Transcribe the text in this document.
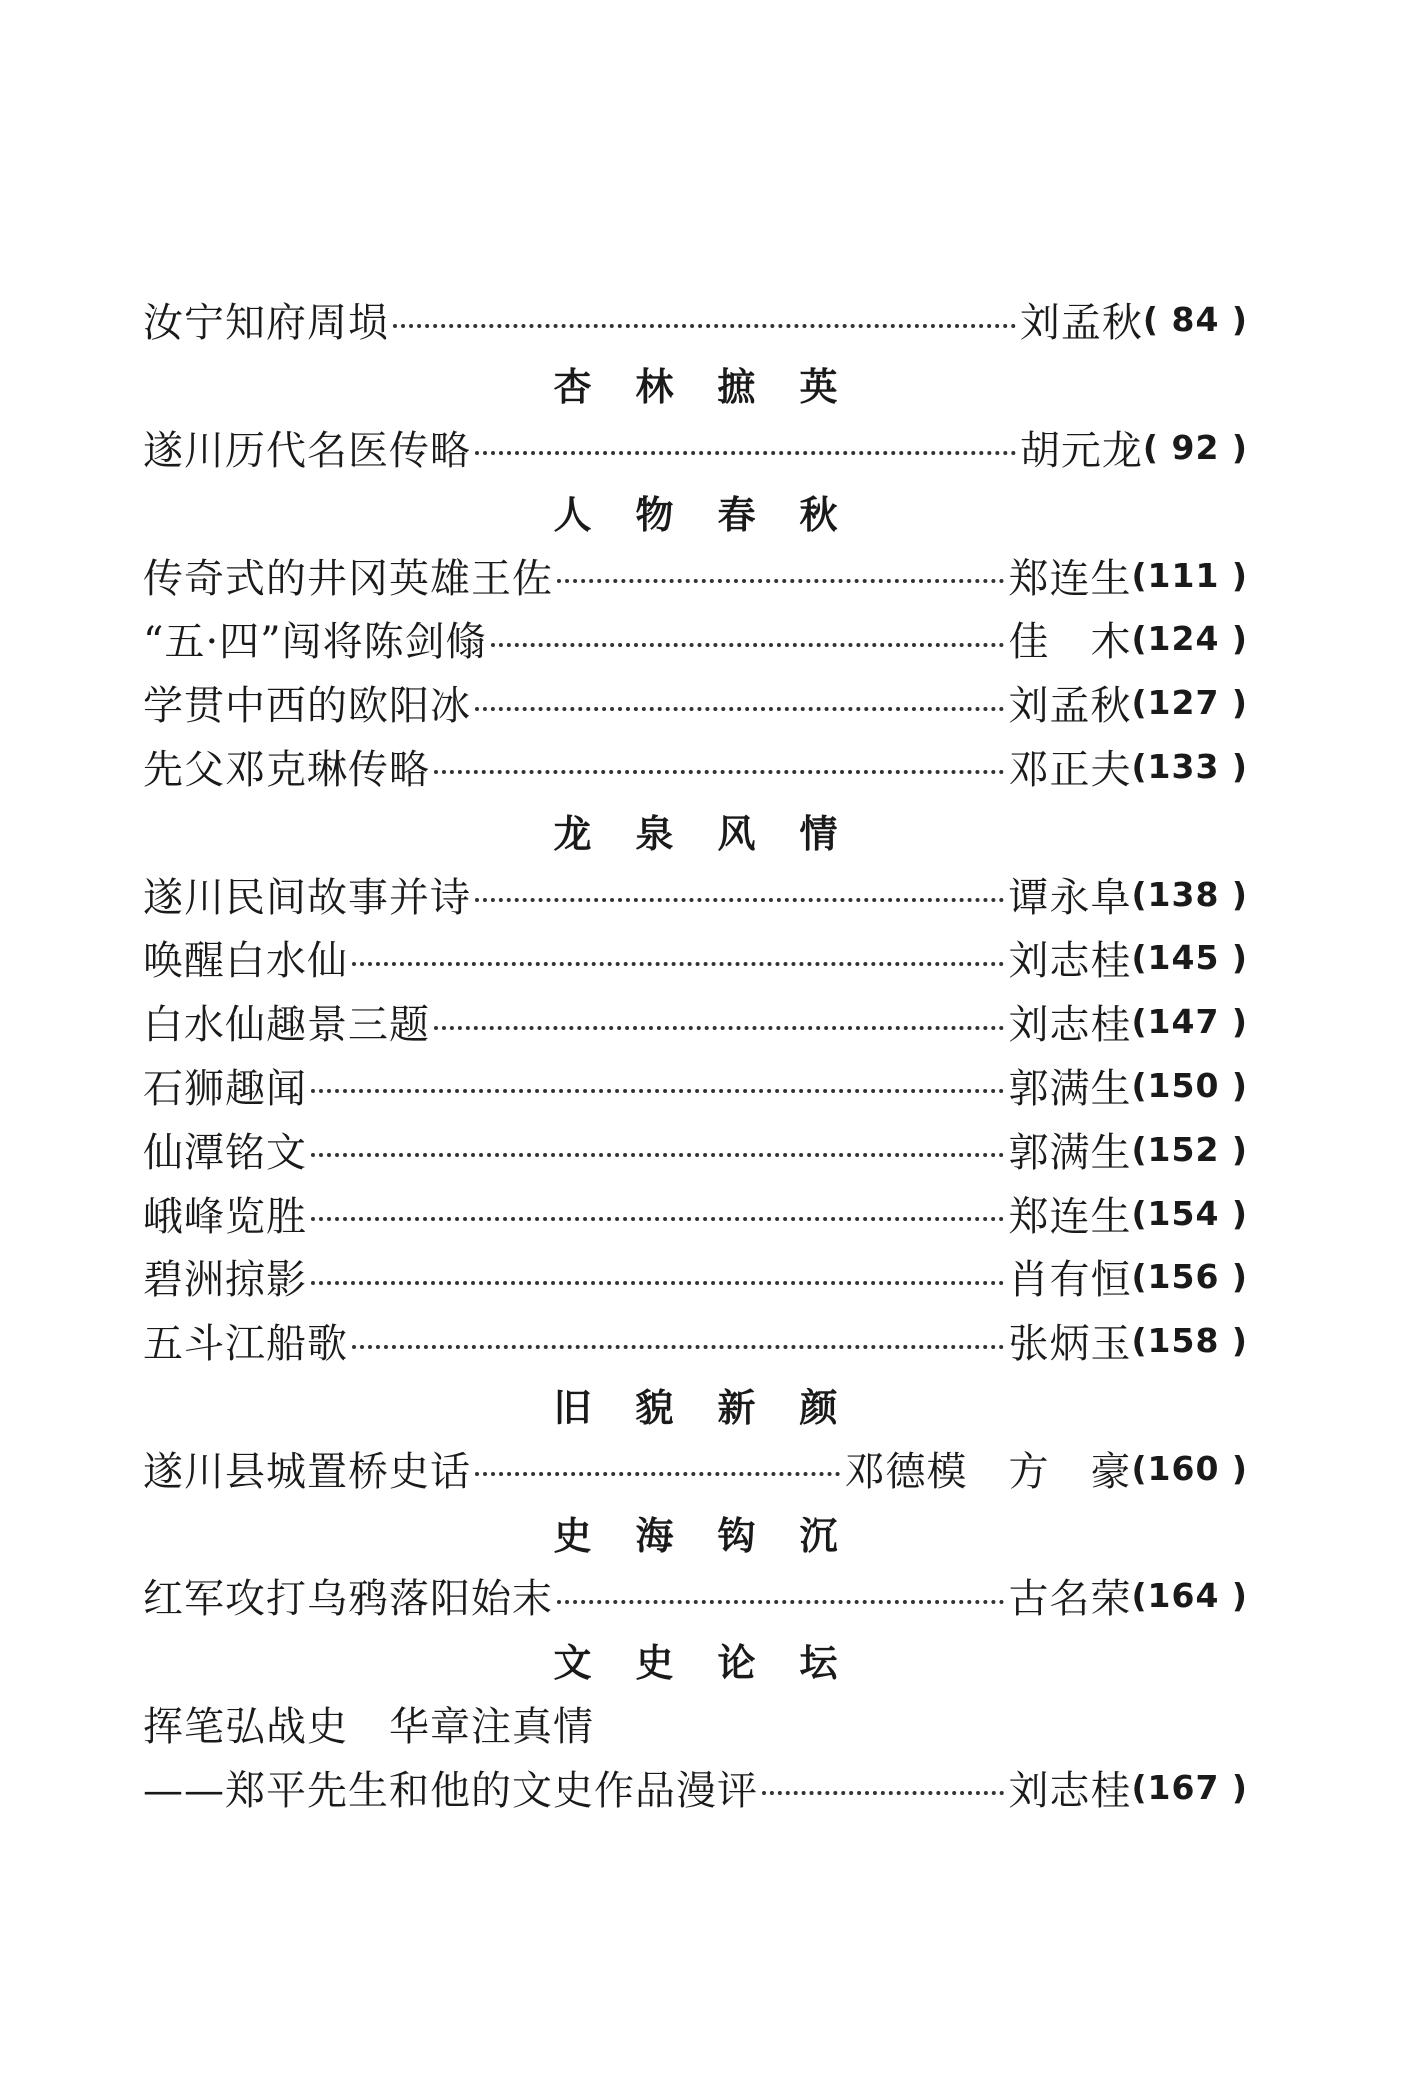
汝宁知府周埙	刘孟秋 ( 84 )
杏林摭英
遂川历代名医传略	胡元龙 ( 92 )
人物春秋
传奇式的井冈英雄王佐	郑连生 (111 )
“五·四”闯将陈剑翛	佳　木 (124 )
学贯中西的欧阳冰	刘孟秋 (127 )
先父邓克琳传略	邓正夫 (133 )
龙泉风情
遂川民间故事并诗	谭永阜 (138 )
唤醒白水仙	刘志桂 (145 )
白水仙趣景三题	刘志桂 (147 )
石狮趣闻	郭满生 (150 )
仙潭铭文	郭满生 (152 )
峨峰览胜	郑连生 (154 )
碧洲掠影	肖有恒 (156 )
五斗江船歌	张炳玉 (158 )
旧貌新颜
遂川县城置桥史话	邓德模　方　豪 (160 )
史海钩沉
红军攻打乌鸦落阳始末	古名荣 (164 )
文史论坛
挥笔弘战史　华章注真情
——郑平先生和他的文史作品漫评	刘志桂 (167 )
